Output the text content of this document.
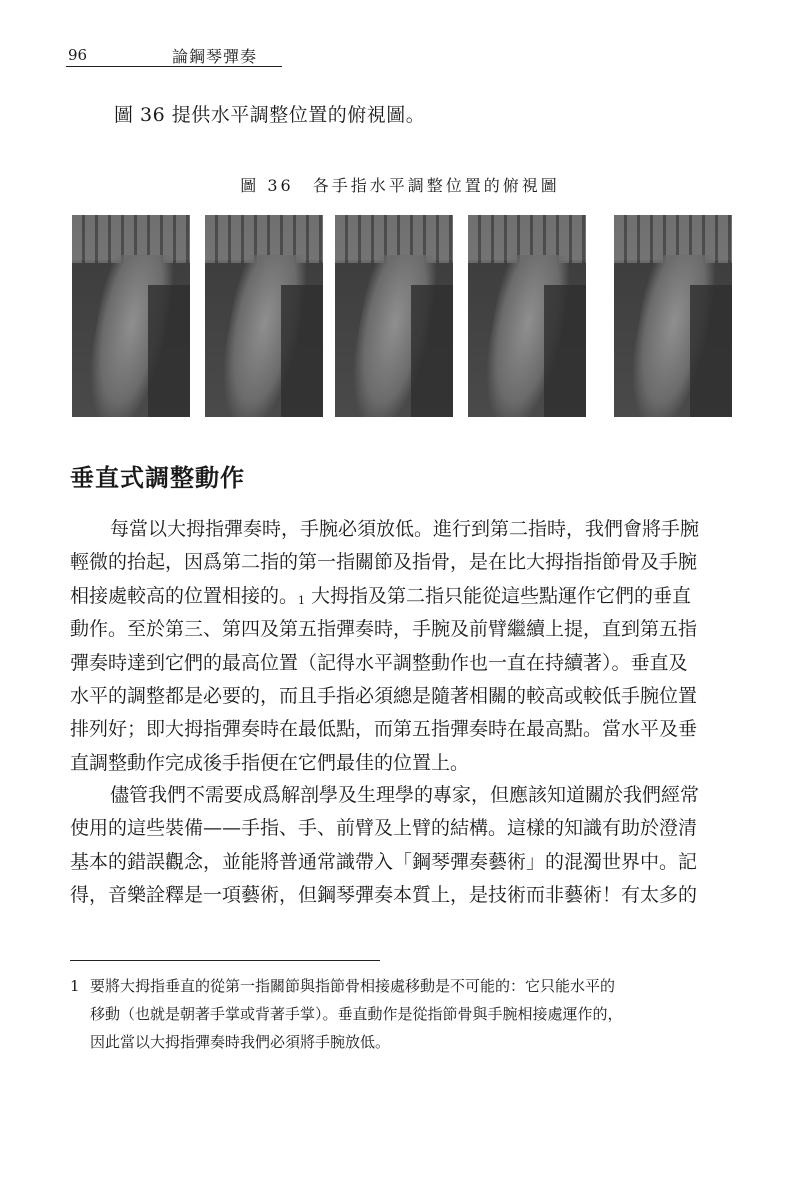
96	論鋼琴彈奏
圖 36 提供水平調整位置的俯視圖。
圖 36　各手指水平調整位置的俯視圖
垂直式調整動作

每當以大拇指彈奏時，手腕必須放低。進行到第二指時，我們會將手腕
輕微的抬起，因爲第二指的第一指關節及指骨，是在比大拇指指節骨及手腕
相接處較高的位置相接的。$^1$ 大拇指及第二指只能從這些點運作它們的垂直
動作。至於第三、第四及第五指彈奏時，手腕及前臂繼續上提，直到第五指
彈奏時達到它們的最高位置（記得水平調整動作也一直在持續著）。垂直及
水平的調整都是必要的，而且手指必須總是隨著相關的較高或較低手腕位置
排列好；即大拇指彈奏時在最低點，而第五指彈奏時在最高點。當水平及垂
直調整動作完成後手指便在它們最佳的位置上。

儘管我們不需要成爲解剖學及生理學的專家，但應該知道關於我們經常
使用的這些裝備——手指、手、前臂及上臂的結構。這樣的知識有助於澄清
基本的錯誤觀念，並能將普通常識帶入「鋼琴彈奏藝術」的混濁世界中。記
得，音樂詮釋是一項藝術，但鋼琴彈奏本質上，是技術而非藝術！有太多的

1 要將大拇指垂直的從第一指關節與指節骨相接處移動是不可能的：它只能水平的
移動（也就是朝著手掌或背著手掌）。垂直動作是從指節骨與手腕相接處運作的，
因此當以大拇指彈奏時我們必須將手腕放低。
